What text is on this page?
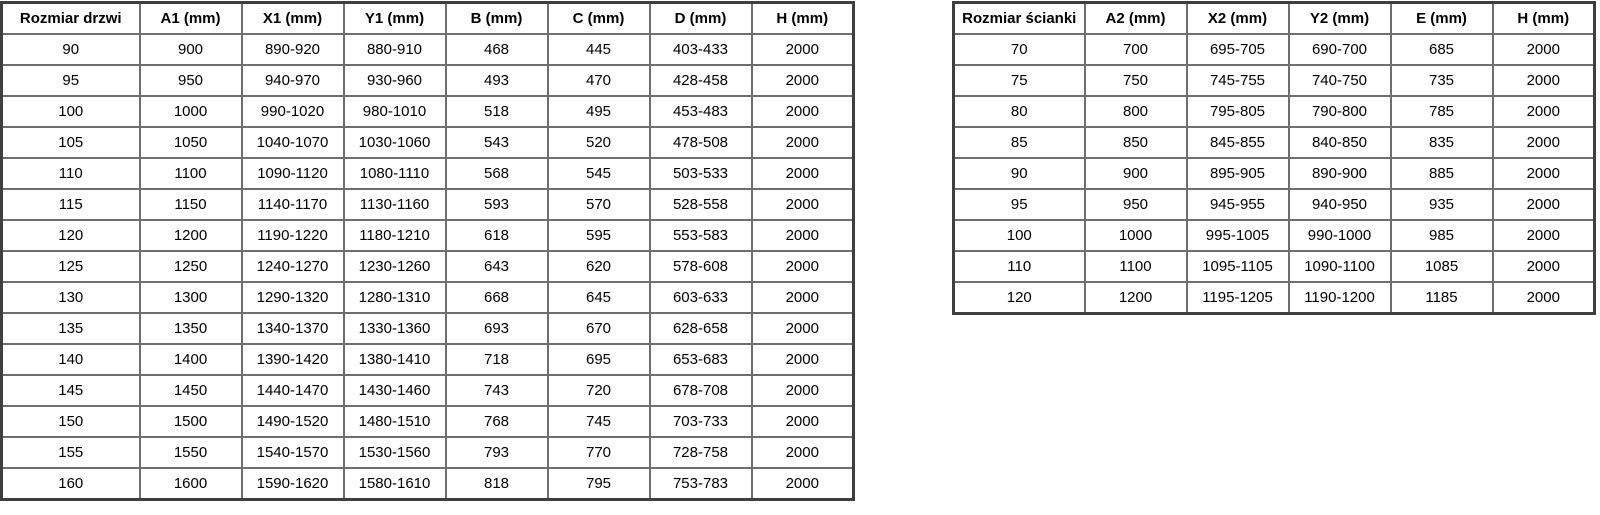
Rozmiar drzwi	A1 (mm)	X1 (mm)	Y1 (mm)	B (mm)	C (mm)	D (mm)	H (mm)
90	900	890-920	880-910	468	445	403-433	2000
95	950	940-970	930-960	493	470	428-458	2000
100	1000	990-1020	980-1010	518	495	453-483	2000
105	1050	1040-1070	1030-1060	543	520	478-508	2000
110	1100	1090-1120	1080-1110	568	545	503-533	2000
115	1150	1140-1170	1130-1160	593	570	528-558	2000
120	1200	1190-1220	1180-1210	618	595	553-583	2000
125	1250	1240-1270	1230-1260	643	620	578-608	2000
130	1300	1290-1320	1280-1310	668	645	603-633	2000
135	1350	1340-1370	1330-1360	693	670	628-658	2000
140	1400	1390-1420	1380-1410	718	695	653-683	2000
145	1450	1440-1470	1430-1460	743	720	678-708	2000
150	1500	1490-1520	1480-1510	768	745	703-733	2000
155	1550	1540-1570	1530-1560	793	770	728-758	2000
160	1600	1590-1620	1580-1610	818	795	753-783	2000
Rozmiar ścianki	A2 (mm)	X2 (mm)	Y2 (mm)	E (mm)	H (mm)
70	700	695-705	690-700	685	2000
75	750	745-755	740-750	735	2000
80	800	795-805	790-800	785	2000
85	850	845-855	840-850	835	2000
90	900	895-905	890-900	885	2000
95	950	945-955	940-950	935	2000
100	1000	995-1005	990-1000	985	2000
110	1100	1095-1105	1090-1100	1085	2000
120	1200	1195-1205	1190-1200	1185	2000
